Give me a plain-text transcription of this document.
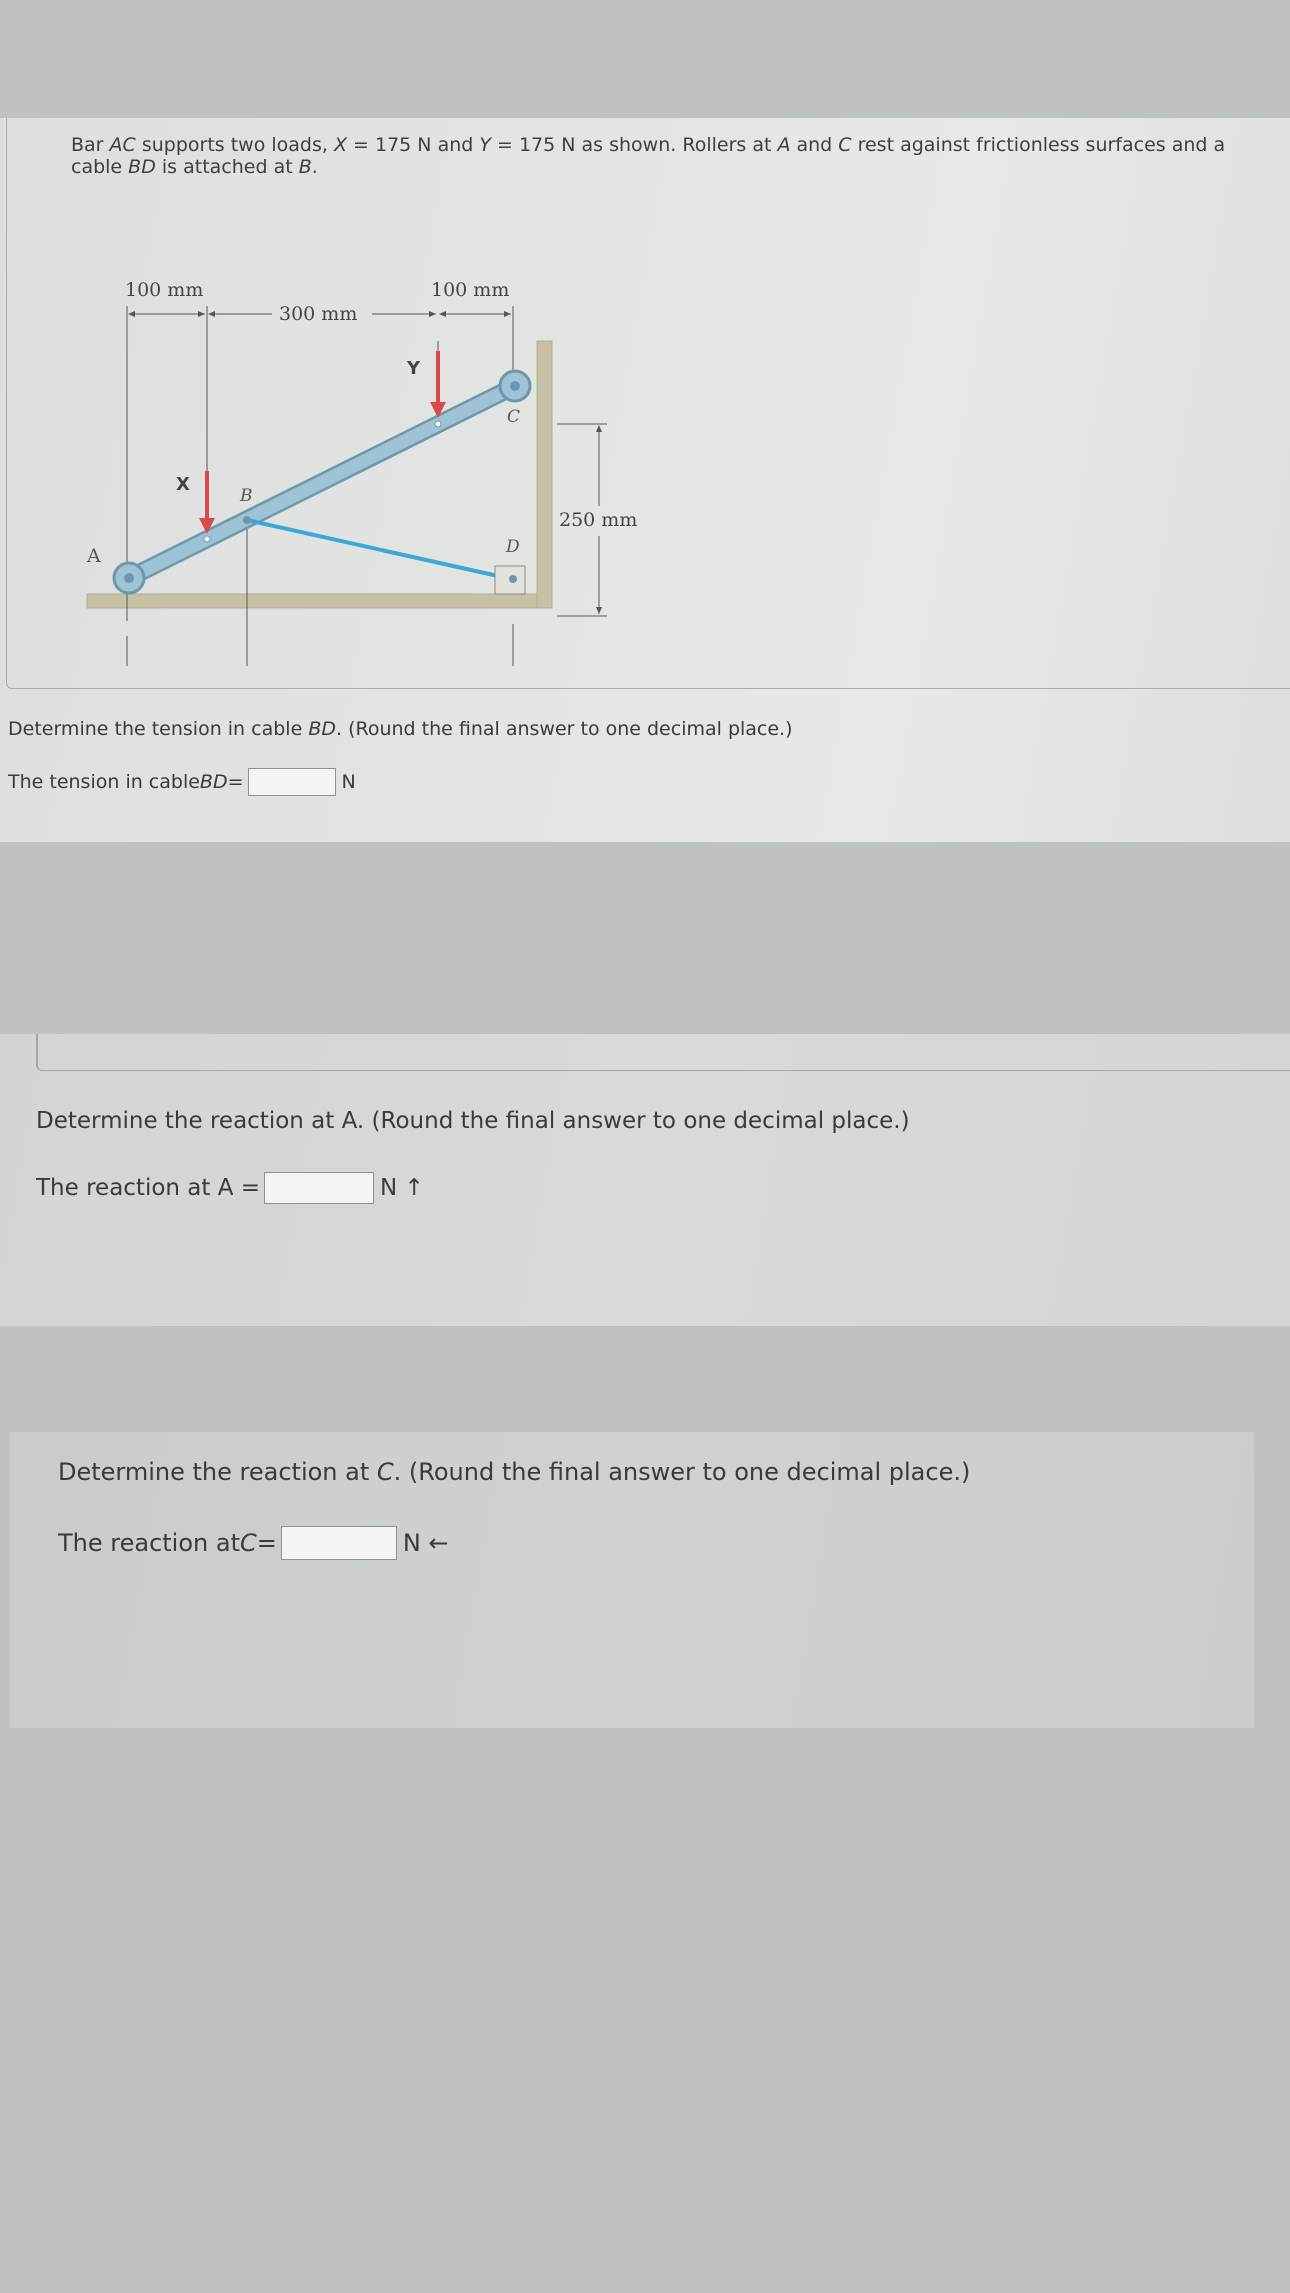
Bar AC supports two loads, X = 175 N and Y = 175 N as shown. Rollers at A and C rest against frictionless surfaces and a
cable BD is attached at B.
100 mm
300 mm
100 mm
250 mm
A
B
C
D
X
Y
Determine the tension in cable BD. (Round the final answer to one decimal place.)
The tension in cable BD =	N
Determine the reaction at A. (Round the final answer to one decimal place.)
The reaction at A =	N ↑
Determine the reaction at C. (Round the final answer to one decimal place.)
The reaction at C =	N ←
